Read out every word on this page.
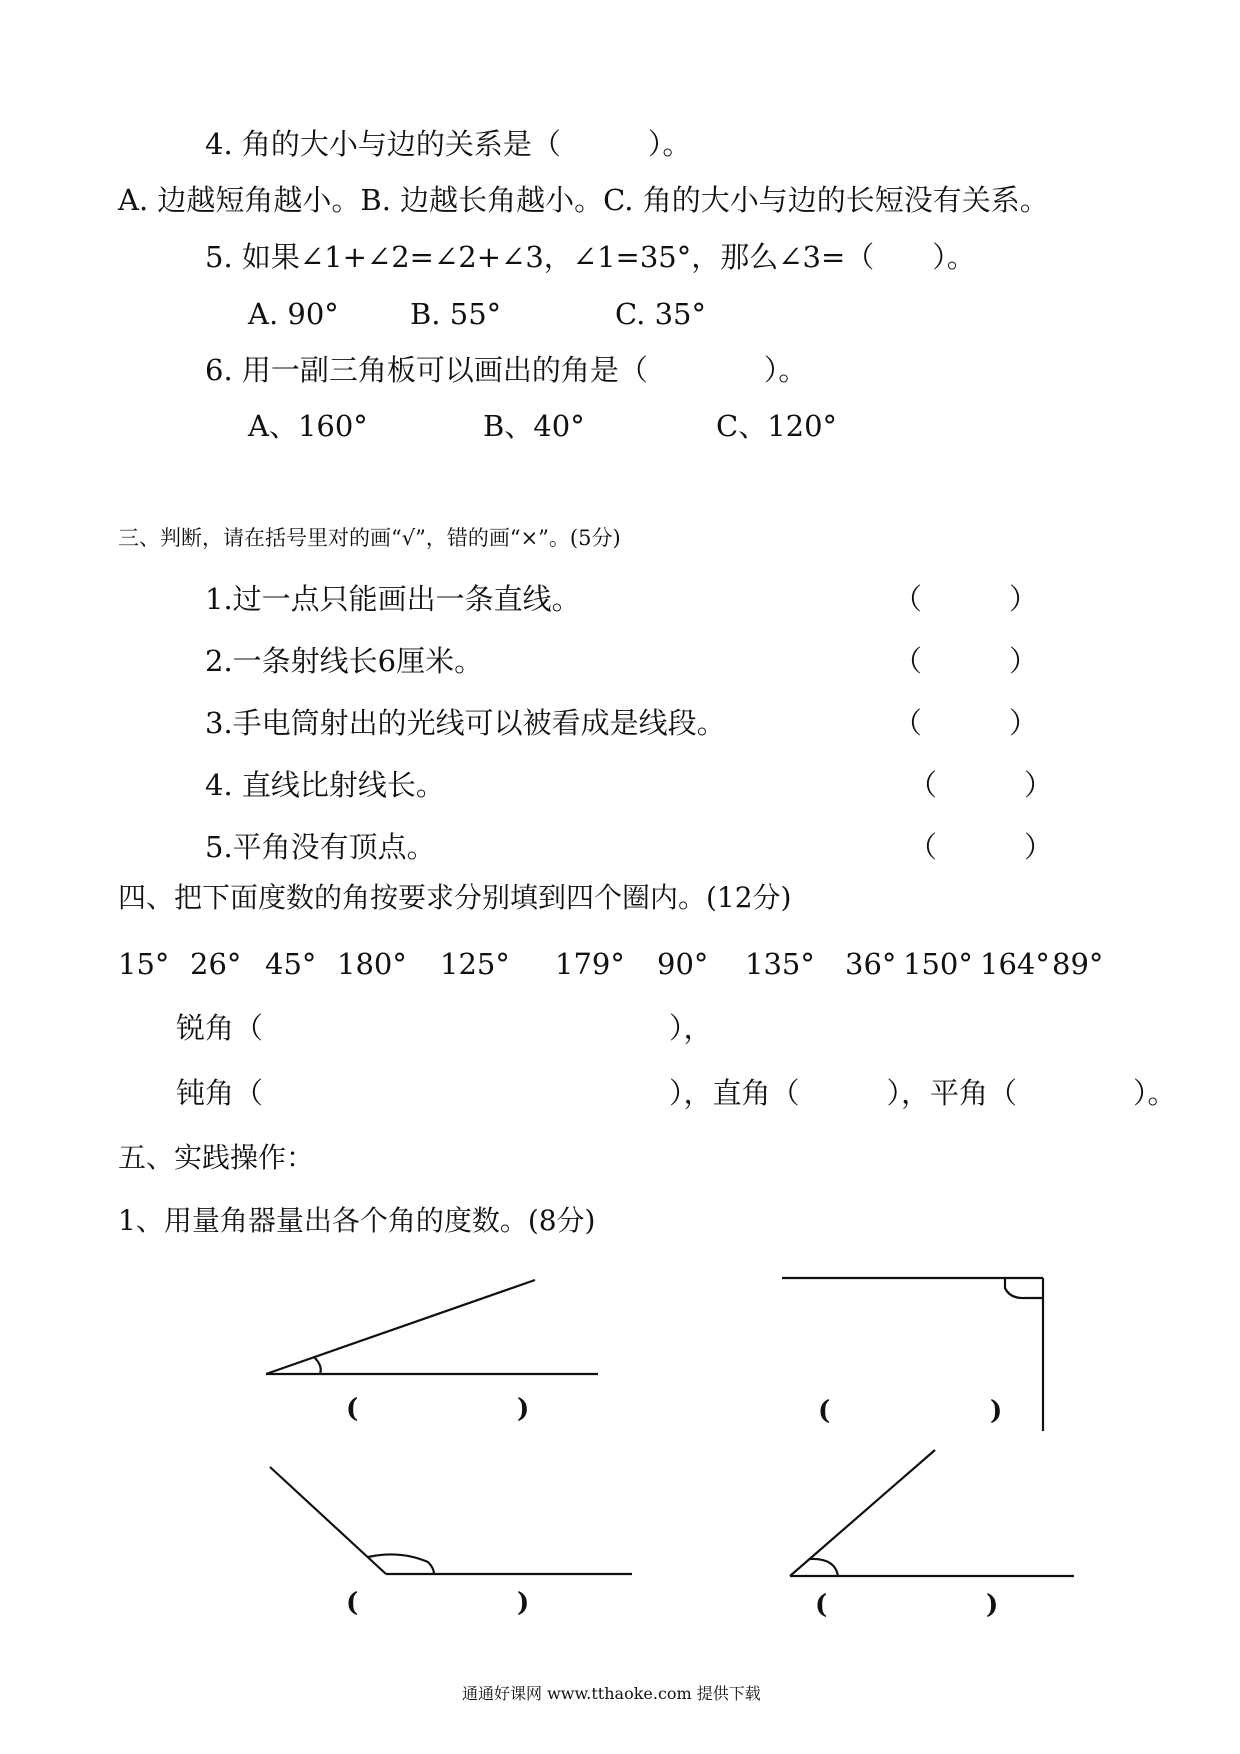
4. 角的大小与边的关系是（　　　）。
A. 边越短角越小。B. 边越长角越小。C. 角的大小与边的长短没有关系。
5. 如果∠1+∠2=∠2+∠3，∠1=35°，那么∠3=（　　）。
A. 90° B. 55°	C. 35°
6. 用一副三角板可以画出的角是（　　　　）。
A、160°	B、40°	C、120°
三、判断，请在括号里对的画“√”，错的画“×”。(5分)
1.过一点只能画出一条直线。	（　　　）
2.一条射线长6厘米。	（　　　）
3.手电筒射出的光线可以被看成是线段。	（　　　）
4. 直线比射线长。	（　　　）
5.平角没有顶点。	（　　　）
四、把下面度数的角按要求分别填到四个圈内。(12分)
15° 26° 45° 180° 125° 179° 90° 135° 36° 150° 164° 89°
锐角（　　　　　　　　　　　　　　），
钝角（　　　　　　　　　　　　　　），直角（　　　），平角（　　　　）。
五、实践操作：
1、用量角器量出各个角的度数。(8分)
(	)	(	)
(	)	(	)
通通好课网 www.tthaoke.com 提供下载
